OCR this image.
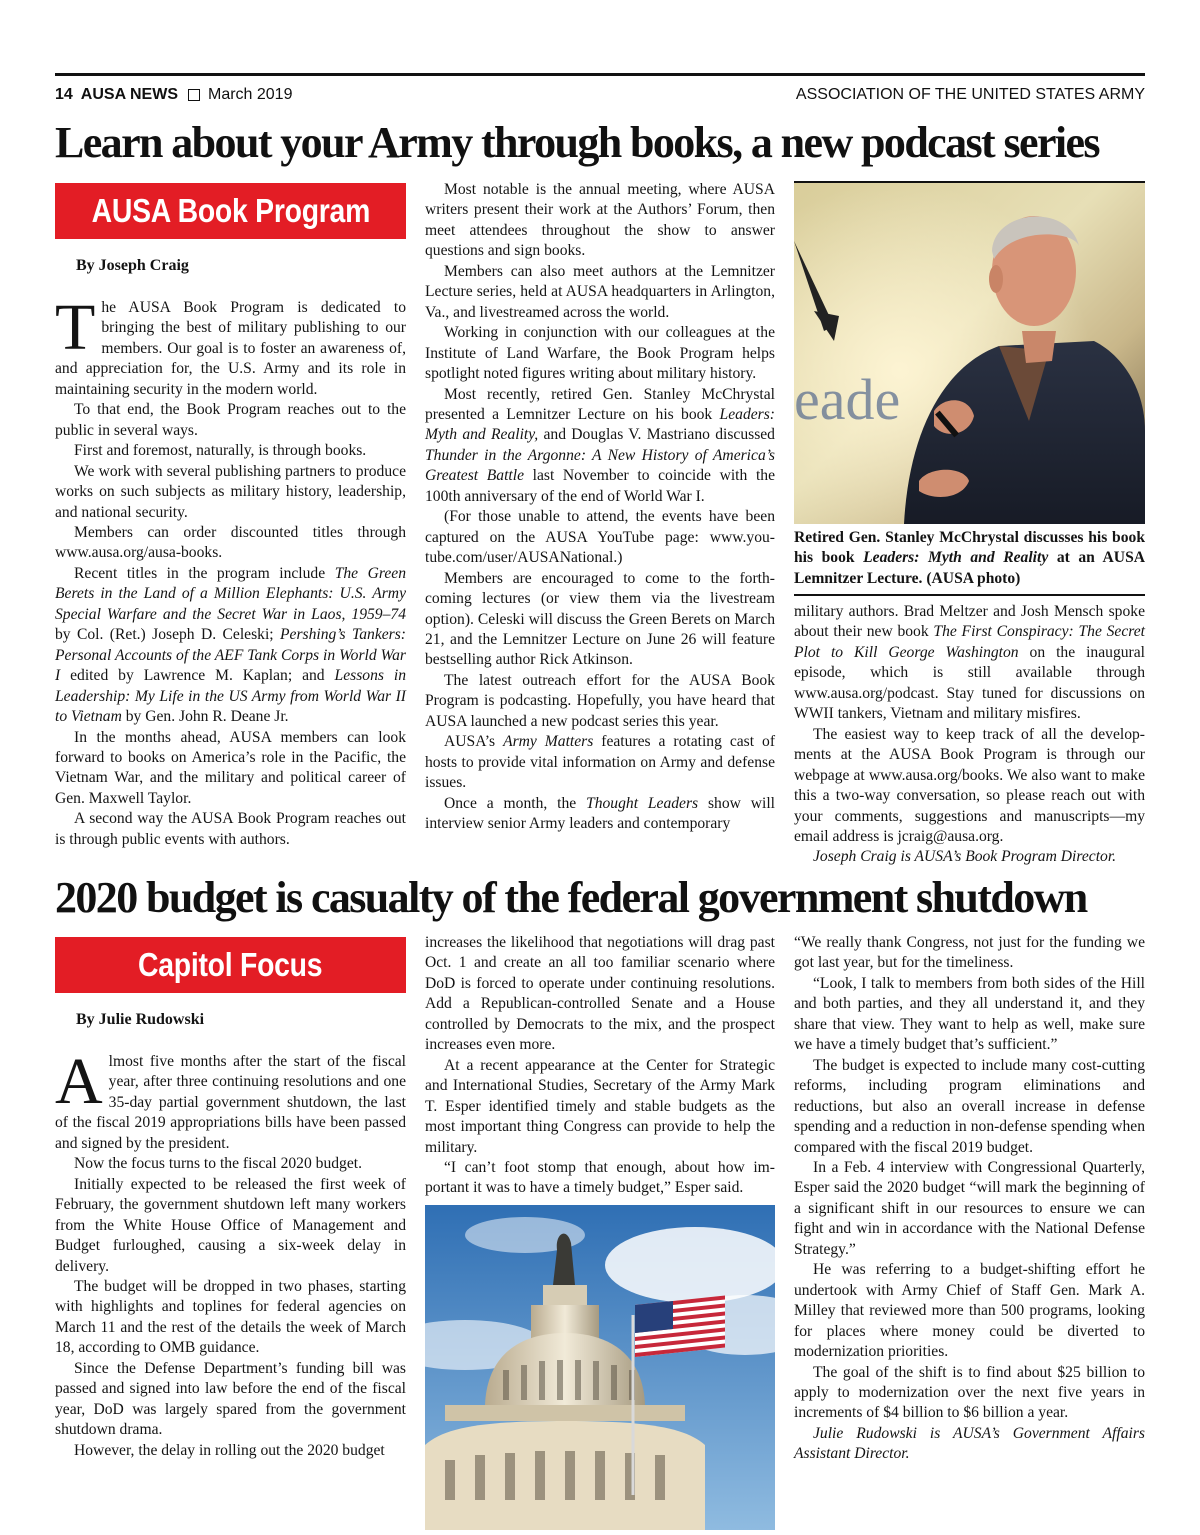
14 AUSA NEWS March 2019	ASSOCIATION OF THE UNITED STATES ARMY
Learn about your Army through books, a new podcast series
AUSA Book Program
By Joseph Craig

The AUSA Book Program is dedicated to bringing the best of military publishing to our members. Our goal is to foster an awareness of, and appreciation for, the U.S. Army and its role in maintaining security in the modern world.

To that end, the Book Program reaches out to the public in several ways.

First and foremost, naturally, is through books.

We work with several publishing partners to produce works on such subjects as military history, leadership, and national security.

Members can order discounted titles through www.ausa.org/ausa-books.

Recent titles in the program include The Green Berets in the Land of a Million Elephants: U.S. Army Special Warfare and the Secret War in Laos, 1959–74 by Col. (Ret.) Joseph D. Celeski; Pershing’s Tankers: Personal Accounts of the AEF Tank Corps in World War I edited by Lawrence M. Kaplan; and Lessons in Leadership: My Life in the US Army from World War II to Vietnam by Gen. John R. Deane Jr.

In the months ahead, AUSA members can look forward to books on America’s role in the Pacific, the Vietnam War, and the military and political career of Gen. Maxwell Taylor.

A second way the AUSA Book Program reaches out is through public events with authors.

Most notable is the annual meeting, where AUSA writers present their work at the Authors’ Forum, then meet attendees throughout the show to answer questions and sign books.

Members can also meet authors at the Lemnitzer Lecture series, held at AUSA headquarters in Arlington, Va., and livestreamed across the world.

Working in conjunction with our colleagues at the Institute of Land Warfare, the Book Program helps spotlight noted figures writing about military history.

Most recently, retired Gen. Stanley McChrystal presented a Lemnitzer Lecture on his book Leaders: Myth and Reality, and Douglas V. Mastriano discussed Thunder in the Argonne: A New History of America’s Greatest Battle last November to coincide with the 100th anniversary of the end of World War I.

(For those unable to attend, the events have been captured on the AUSA YouTube page: www.youtube.com/user/AUSANational.)

Members are encouraged to come to the forthcoming lectures (or view them via the livestream option). Celeski will discuss the Green Berets on March 21, and the Lemnitzer Lecture on June 26 will feature bestselling author Rick Atkinson.

The latest outreach effort for the AUSA Book Program is podcasting. Hopefully, you have heard that AUSA launched a new podcast series this year.

AUSA’s Army Matters features a rotating cast of hosts to provide vital information on Army and defense issues.

Once a month, the Thought Leaders show will interview senior Army leaders and contemporary

eade
Retired Gen. Stanley McChrystal discusses his book his book Leaders: Myth and Reality at an AUSA Lemnitzer Lecture. (AUSA photo)

military authors. Brad Meltzer and Josh Mensch spoke about their new book The First Conspiracy: The Secret Plot to Kill George Washington on the inaugural episode, which is still available through www.ausa.org/podcast. Stay tuned for discussions on WWII tankers, Vietnam and military misfires.

The easiest way to keep track of all the developments at the AUSA Book Program is through our webpage at www.ausa.org/books. We also want to make this a two-way conversation, so please reach out with your comments, suggestions and manuscripts—my email address is jcraig@ausa.org.

Joseph Craig is AUSA’s Book Program Director.

2020 budget is casualty of the federal government shutdown
Capitol Focus
By Julie Rudowski

Almost five months after the start of the fiscal year, after three continuing resolutions and one 35-day partial government shutdown, the last of the fiscal 2019 appropriations bills have been passed and signed by the president.

Now the focus turns to the fiscal 2020 budget.

Initially expected to be released the first week of February, the government shutdown left many workers from the White House Office of Management and Budget furloughed, causing a six-week delay in delivery.

The budget will be dropped in two phases, starting with highlights and toplines for federal agencies on March 11 and the rest of the details the week of March 18, according to OMB guidance.

Since the Defense Department’s funding bill was passed and signed into law before the end of the fiscal year, DoD was largely spared from the government shutdown drama.

However, the delay in rolling out the 2020 budget

increases the likelihood that negotiations will drag past Oct. 1 and create an all too familiar scenario where DoD is forced to operate under continuing resolutions. Add a Republican-controlled Senate and a House controlled by Democrats to the mix, and the prospect increases even more.

At a recent appearance at the Center for Strategic and International Studies, Secretary of the Army Mark T. Esper identified timely and stable budgets as the most important thing Congress can provide to help the military.

“I can’t foot stomp that enough, about how important it was to have a timely budget,” Esper said.

“We really thank Congress, not just for the funding we got last year, but for the timeliness.

“Look, I talk to members from both sides of the Hill and both parties, and they all understand it, and they share that view. They want to help as well, make sure we have a timely budget that’s sufficient.”

The budget is expected to include many cost-cutting reforms, including program eliminations and reductions, but also an overall increase in defense spending and a reduction in non-defense spending when compared with the fiscal 2019 budget.

In a Feb. 4 interview with Congressional Quarterly, Esper said the 2020 budget “will mark the beginning of a significant shift in our resources to ensure we can fight and win in accordance with the National Defense Strategy.”

He was referring to a budget-shifting effort he undertook with Army Chief of Staff Gen. Mark A. Milley that reviewed more than 500 programs, looking for places where money could be diverted to modernization priorities.

The goal of the shift is to find about $25 billion to apply to modernization over the next five years in increments of $4 billion to $6 billion a year.

Julie Rudowski is AUSA’s Government Affairs Assistant Director.
